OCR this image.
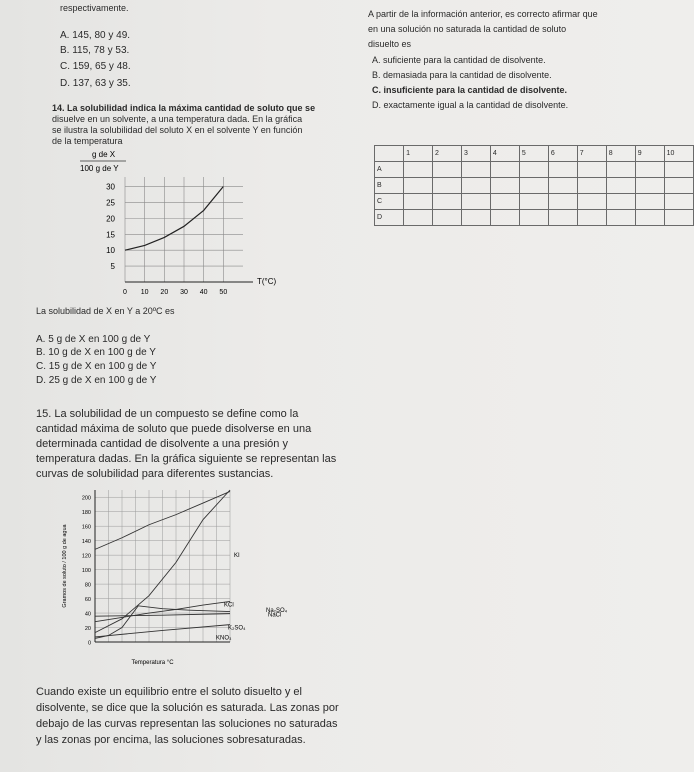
respectivamente.
A. 145, 80 y 49.
B. 115, 78 y 53.
C. 159, 65 y 48.
D. 137, 63 y 35.
A partir de la información anterior, es correcto afirmar que
en una solución no saturada la cantidad de soluto
disuelto es
A. suficiente para la cantidad de disolvente.
B. demasiada para la cantidad de disolvente.
C. insuficiente para la cantidad de disolvente.
D. exactamente igual a la cantidad de disolvente.
	1	2	3	4	5	6	7	8	9	10
A										
B										
C										
D										
14. La solubilidad indica la máxima cantidad de soluto que se
disuelve en un solvente, a una temperatura dada. En la gráfica
se ilustra la solubilidad del soluto X en el solvente Y en función
de la temperatura
g de X
100 g de Y
5
10
15
20
25
30
0 10 20 30 40 50
T(°C)
La solubilidad de X en Y a 20ºC es
A. 5 g de X en 100 g de Y
B. 10 g de X en 100 g de Y
C. 15 g de X en 100 g de Y
D. 25 g de X en 100 g de Y
15. La solubilidad de un compuesto se define como la
cantidad máxima de soluto que puede disolverse en una
determinada cantidad de disolvente a una presión y
temperatura dadas. En la gráfica siguiente se representan las
curvas de solubilidad para diferentes sustancias.
0
20
40
60
80
100
120
140
160
180
200
Gramos de soluto / 100 g de agua
Temperatura °C
KNO₃
KI
KCl
Na₂SO₄
NaCl
K₂SO₄
Cuando existe un equilibrio entre el soluto disuelto y el
disolvente, se dice que la solución es saturada. Las zonas por
debajo de las curvas representan las soluciones no saturadas
y las zonas por encima, las soluciones sobresaturadas.
